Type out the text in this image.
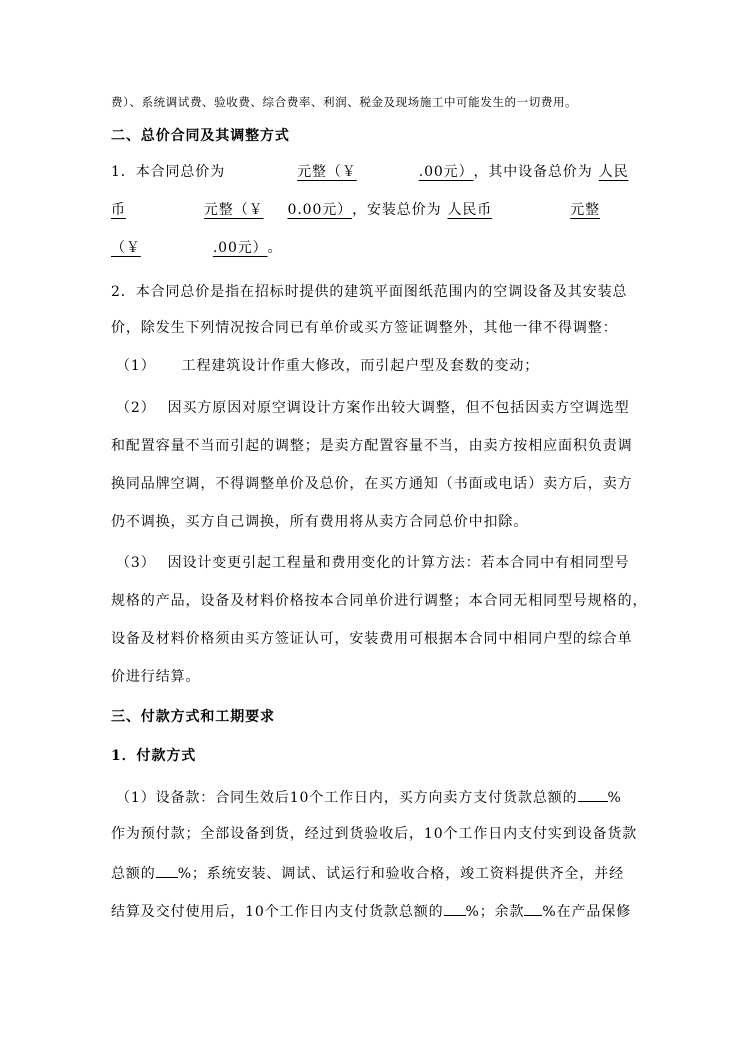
费）、系统调试费、验收费、综合费率、利润、税金及现场施工中可能发生的一切费用。
二、总价合同及其调整方式
1．本合同总价为	元整（￥	.00元），其中设备总价为 人民
币	元整（￥ 0.00元），安装总价为 人民币	元整
（￥	.00元）。
2．本合同总价是指在招标时提供的建筑平面图纸范围内的空调设备及其安装总
价，除发生下列情况按合同已有单价或买方签证调整外，其他一律不得调整：
（1） 工程建筑设计作重大修改，而引起户型及套数的变动；
（2） 因买方原因对原空调设计方案作出较大调整，但不包括因卖方空调选型
和配置容量不当而引起的调整；是卖方配置容量不当，由卖方按相应面积负责调
换同品牌空调，不得调整单价及总价，在买方通知（书面或电话）卖方后，卖方
仍不调换，买方自己调换，所有费用将从卖方合同总价中扣除。
（3） 因设计变更引起工程量和费用变化的计算方法：若本合同中有相同型号
规格的产品，设备及材料价格按本合同单价进行调整；本合同无相同型号规格的，
设备及材料价格须由买方签证认可，安装费用可根据本合同中相同户型的综合单
价进行结算。
三、付款方式和工期要求
1．付款方式
（1）设备款：合同生效后10个工作日内，买方向卖方支付货款总额的 %
作为预付款；全部设备到货，经过到货验收后，10个工作日内支付实到设备货款
总额的 %；系统安装、调试、试运行和验收合格，竣工资料提供齐全，并经
结算及交付使用后，10个工作日内支付货款总额的 %；余款 %在产品保修
